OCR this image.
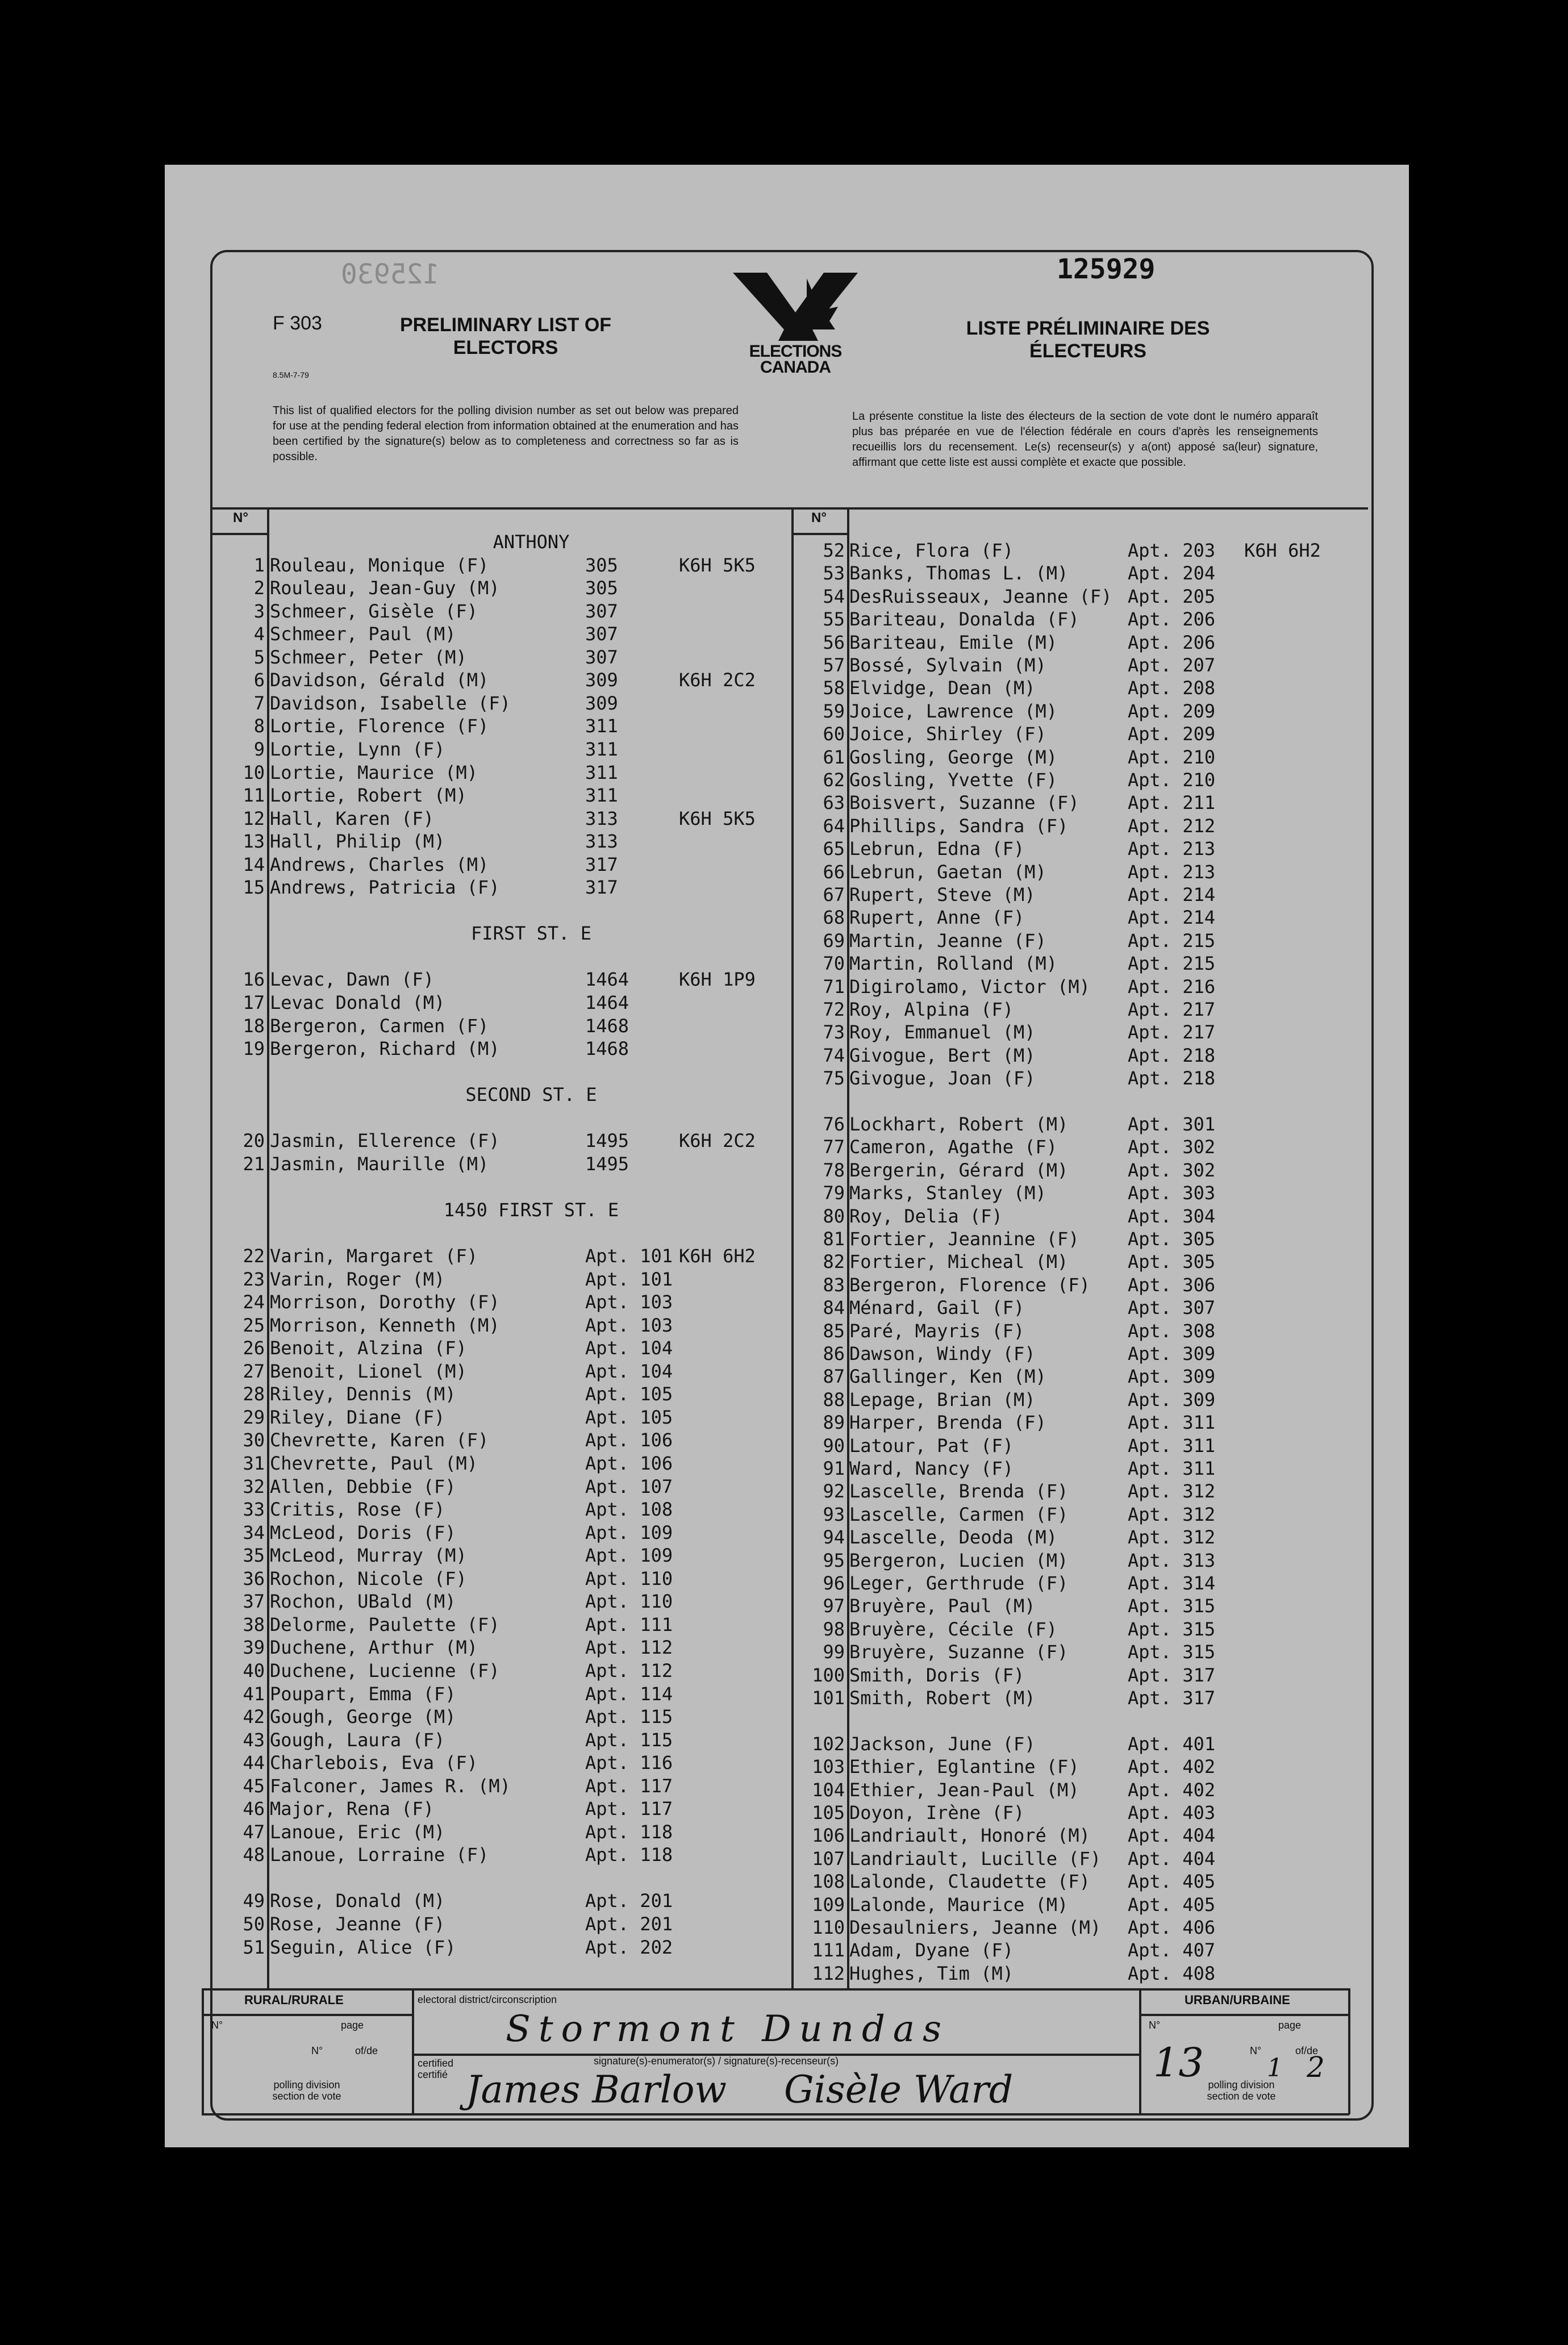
125930	125929
F 303
8.5M-7-79
PRELIMINARY LIST OF ELECTORS
LISTE PRÉLIMINAIRE DES ÉLECTEURS
ELECTIONS CANADA
This list of qualified electors for the polling division number as set out below was prepared for use at the pending federal election from information obtained at the enumeration and has been certified by the signature(s) below as to completeness and correctness so far as is possible.
La présente constitue la liste des électeurs de la section de vote dont le numéro apparaît plus bas préparée en vue de l'élection fédérale en cours d'après les renseignements recueillis lors du recensement. Le(s) recenseur(s) y a(ont) apposé sa(leur) signature, affirmant que cette liste est aussi complète et exacte que possible.
N°	N°
RURAL/RURALE	URBAN/URBAINE
N°	page
N°	of/de
polling division section de vote
N°	page
N°	of/de
polling division section de vote
13	1 2
electoral district/circonscription
Stormont Dundas
certified certifié
signature(s)-enumerator(s) / signature(s)-recenseur(s)
James Barlow Gisèle Ward
ANTHONY
1 Rouleau, Monique (F)	305	K6H 5K5
2 Rouleau, Jean-Guy (M)	305
3 Schmeer, Gisèle (F)	307
4 Schmeer, Paul (M)	307
5 Schmeer, Peter (M)	307
6 Davidson, Gérald (M)	309	K6H 2C2
7 Davidson, Isabelle (F)	309
8 Lortie, Florence (F)	311
9 Lortie, Lynn (F)	311
10 Lortie, Maurice (M)	311
11 Lortie, Robert (M)	311
12 Hall, Karen (F)	313	K6H 5K5
13 Hall, Philip (M)	313
14 Andrews, Charles (M)	317
15 Andrews, Patricia (F)	317
FIRST ST. E
16 Levac, Dawn (F)	1464	K6H 1P9
17 Levac Donald (M)	1464
18 Bergeron, Carmen (F)	1468
19 Bergeron, Richard (M)	1468
SECOND ST. E
20 Jasmin, Ellerence (F)	1495	K6H 2C2
21 Jasmin, Maurille (M)	1495
1450 FIRST ST. E
22 Varin, Margaret (F)	Apt. 101 K6H 6H2
23 Varin, Roger (M)	Apt. 101
24 Morrison, Dorothy (F)	Apt. 103
25 Morrison, Kenneth (M)	Apt. 103
26 Benoit, Alzina (F)	Apt. 104
27 Benoit, Lionel (M)	Apt. 104
28 Riley, Dennis (M)	Apt. 105
29 Riley, Diane (F)	Apt. 105
30 Chevrette, Karen (F)	Apt. 106
31 Chevrette, Paul (M)	Apt. 106
32 Allen, Debbie (F)	Apt. 107
33 Critis, Rose (F)	Apt. 108
34 McLeod, Doris (F)	Apt. 109
35 McLeod, Murray (M)	Apt. 109
36 Rochon, Nicole (F)	Apt. 110
37 Rochon, UBald (M)	Apt. 110
38 Delorme, Paulette (F)	Apt. 111
39 Duchene, Arthur (M)	Apt. 112
40 Duchene, Lucienne (F)	Apt. 112
41 Poupart, Emma (F)	Apt. 114
42 Gough, George (M)	Apt. 115
43 Gough, Laura (F)	Apt. 115
44 Charlebois, Eva (F)	Apt. 116
45 Falconer, James R. (M)	Apt. 117
46 Major, Rena (F)	Apt. 117
47 Lanoue, Eric (M)	Apt. 118
48 Lanoue, Lorraine (F)	Apt. 118
49 Rose, Donald (M)	Apt. 201
50 Rose, Jeanne (F)	Apt. 201
51 Seguin, Alice (F)	Apt. 202
52 Rice, Flora (F)	Apt. 203 K6H 6H2
53 Banks, Thomas L. (M)	Apt. 204
54 DesRuisseaux, Jeanne (F) Apt. 205
55 Bariteau, Donalda (F)	Apt. 206
56 Bariteau, Emile (M)	Apt. 206
57 Bossé, Sylvain (M)	Apt. 207
58 Elvidge, Dean (M)	Apt. 208
59 Joice, Lawrence (M)	Apt. 209
60 Joice, Shirley (F)	Apt. 209
61 Gosling, George (M)	Apt. 210
62 Gosling, Yvette (F)	Apt. 210
63 Boisvert, Suzanne (F)	Apt. 211
64 Phillips, Sandra (F)	Apt. 212
65 Lebrun, Edna (F)	Apt. 213
66 Lebrun, Gaetan (M)	Apt. 213
67 Rupert, Steve (M)	Apt. 214
68 Rupert, Anne (F)	Apt. 214
69 Martin, Jeanne (F)	Apt. 215
70 Martin, Rolland (M)	Apt. 215
71 Digirolamo, Victor (M) Apt. 216
72 Roy, Alpina (F)	Apt. 217
73 Roy, Emmanuel (M)	Apt. 217
74 Givogue, Bert (M)	Apt. 218
75 Givogue, Joan (F)	Apt. 218
76 Lockhart, Robert (M)	Apt. 301
77 Cameron, Agathe (F)	Apt. 302
78 Bergerin, Gérard (M)	Apt. 302
79 Marks, Stanley (M)	Apt. 303
80 Roy, Delia (F)	Apt. 304
81 Fortier, Jeannine (F)	Apt. 305
82 Fortier, Micheal (M)	Apt. 305
83 Bergeron, Florence (F) Apt. 306
84 Ménard, Gail (F)	Apt. 307
85 Paré, Mayris (F)	Apt. 308
86 Dawson, Windy (F)	Apt. 309
87 Gallinger, Ken (M)	Apt. 309
88 Lepage, Brian (M)	Apt. 309
89 Harper, Brenda (F)	Apt. 311
90 Latour, Pat (F)	Apt. 311
91 Ward, Nancy (F)	Apt. 311
92 Lascelle, Brenda (F)	Apt. 312
93 Lascelle, Carmen (F)	Apt. 312
94 Lascelle, Deoda (M)	Apt. 312
95 Bergeron, Lucien (M)	Apt. 313
96 Leger, Gerthrude (F)	Apt. 314
97 Bruyère, Paul (M)	Apt. 315
98 Bruyère, Cécile (F)	Apt. 315
99 Bruyère, Suzanne (F)	Apt. 315
100 Smith, Doris (F)	Apt. 317
101 Smith, Robert (M)	Apt. 317
102 Jackson, June (F)	Apt. 401
103 Ethier, Eglantine (F)	Apt. 402
104 Ethier, Jean-Paul (M)	Apt. 402
105 Doyon, Irène (F)	Apt. 403
106 Landriault, Honoré (M) Apt. 404
107 Landriault, Lucille (F) Apt. 404
108 Lalonde, Claudette (F) Apt. 405
109 Lalonde, Maurice (M)	Apt. 405
110 Desaulniers, Jeanne (M) Apt. 406
111 Adam, Dyane (F)	Apt. 407
112 Hughes, Tim (M)	Apt. 408
